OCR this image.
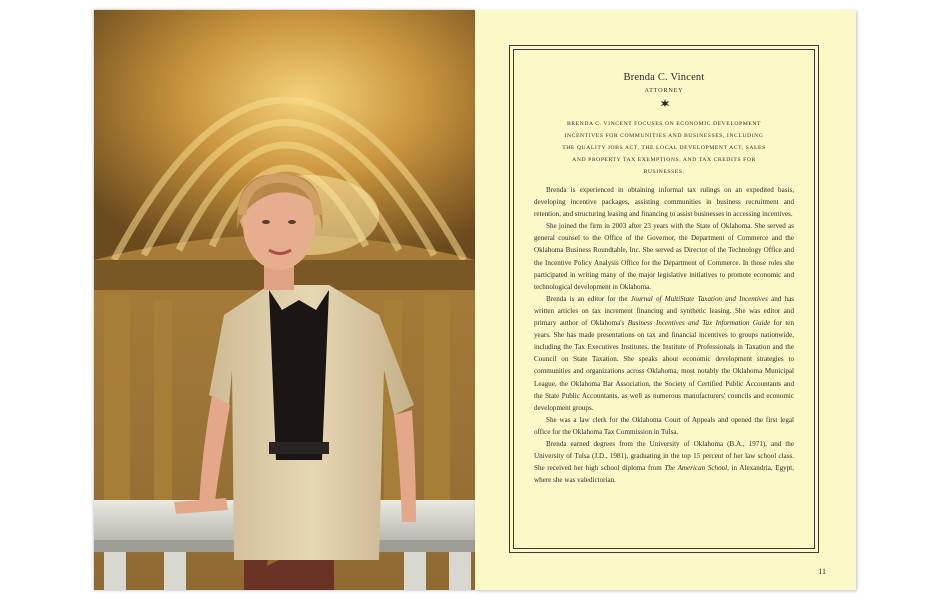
Brenda C. Vincent
ATTORNEY
BRENDA C. VINCENT FOCUSES ON ECONOMIC DEVELOPMENT INCENTIVES FOR COMMUNITIES AND BUSINESSES, INCLUDING THE QUALITY JOBS ACT, THE LOCAL DEVELOPMENT ACT, SALES AND PROPERTY TAX EXEMPTIONS, AND TAX CREDITS FOR BUSINESSES.

Brenda is experienced in obtaining informal tax rulings on an expedited basis, developing incentive packages, assisting communities in business recruitment and retention, and structuring leasing and financing to assist businesses in accessing incentives.

She joined the firm in 2003 after 23 years with the State of Oklahoma. She served as general counsel to the Office of the Governor, the Department of Commerce and the Oklahoma Business Roundtable, Inc. She served as Director of the Technology Office and the Incentive Policy Analysis Office for the Department of Commerce. In those roles she participated in writing many of the major legislative initiatives to promote economic and technological development in Oklahoma.

Brenda is an editor for the Journal of MultiState Taxation and Incentives and has written articles on tax increment financing and synthetic leasing. She was editor and primary author of Oklahoma's Business Incentives and Tax Information Guide for ten years. She has made presentations on tax and financial incentives to groups nationwide, including the Tax Executives Institutes, the Institute of Professionals in Taxation and the Council on State Taxation. She speaks about economic development strategies to communities and organizations across Oklahoma, most notably the Oklahoma Municipal League, the Oklahoma Bar Association, the Society of Certified Public Accountants and the State Public Accountants, as well as numerous manufacturers' councils and economic development groups.

She was a law clerk for the Oklahoma Court of Appeals and opened the first legal office for the Oklahoma Tax Commission in Tulsa.

Brenda earned degrees from the University of Oklahoma (B.A., 1971), and the University of Tulsa (J.D., 1981), graduating in the top 15 percent of her law school class. She received her high school diploma from The American School, in Alexandria, Egypt, where she was valedictorian.

11
